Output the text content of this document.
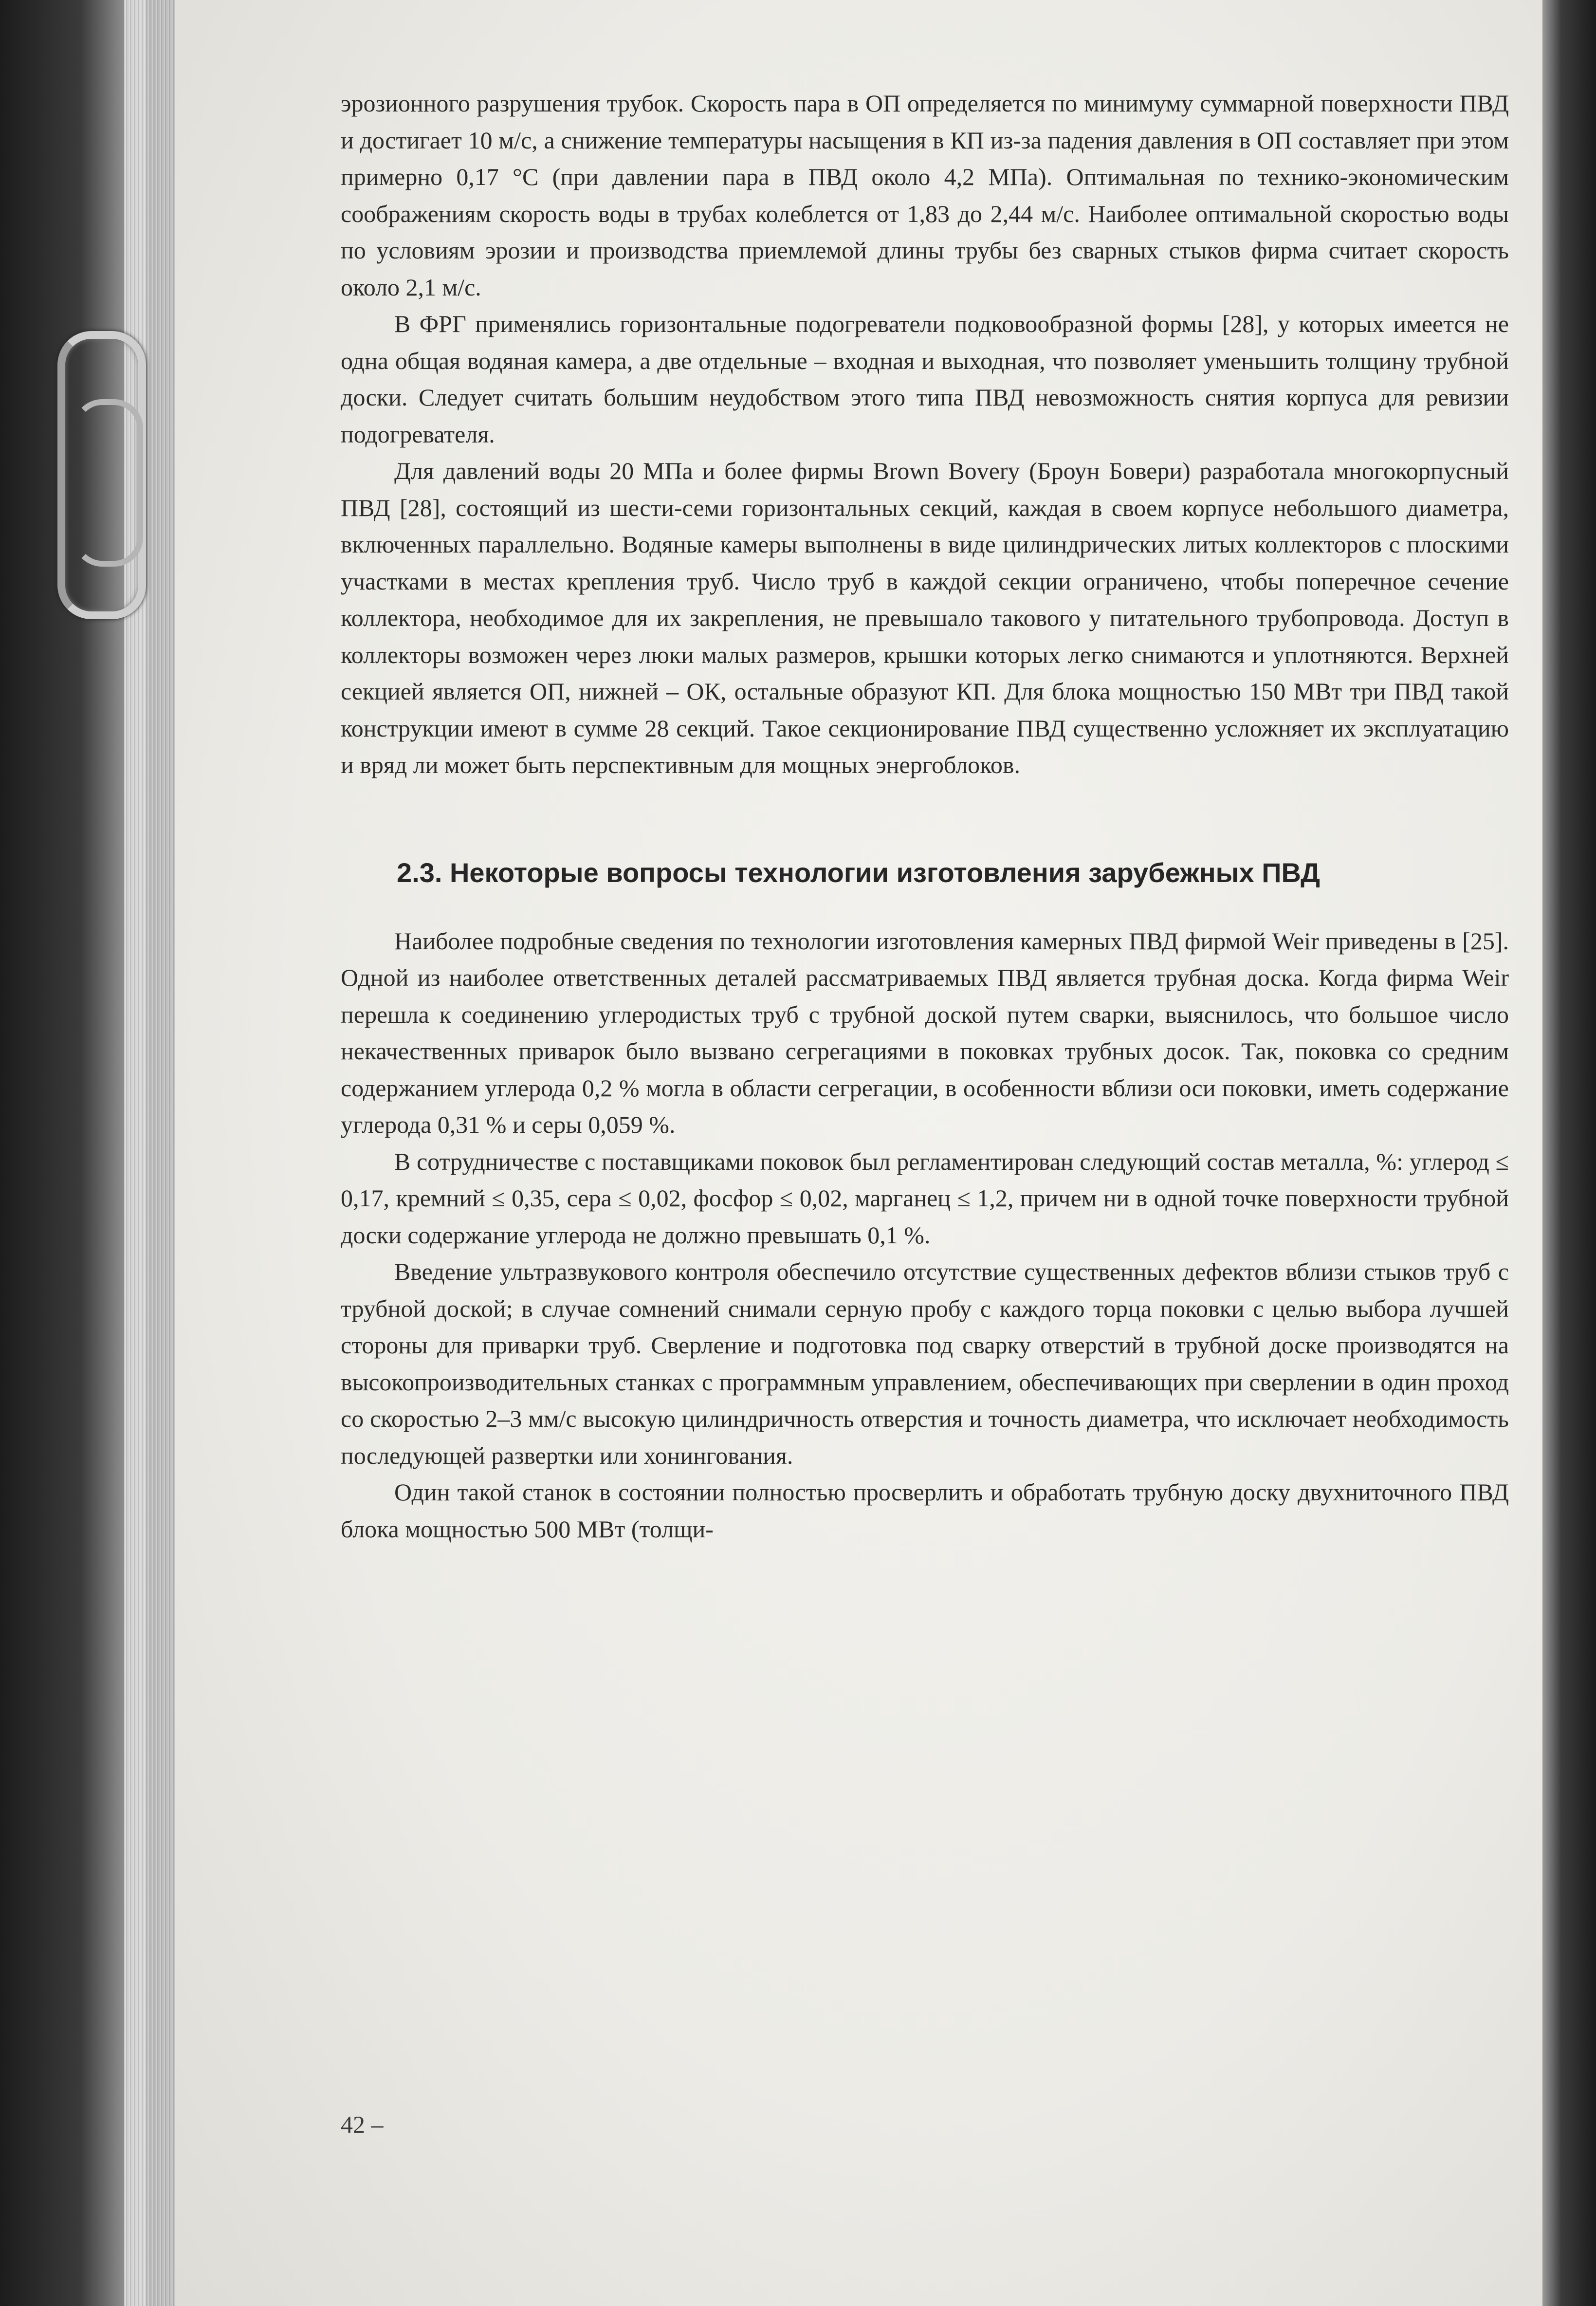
эрозионного разрушения трубок. Скорость пара в ОП определяется по минимуму суммарной поверхности ПВД и достигает 10 м/с, а снижение температуры насыщения в КП из-за падения давления в ОП составляет при этом примерно 0,17 °С (при давлении пара в ПВД около 4,2 МПа). Оптимальная по технико-экономическим соображениям скорость воды в трубах колеблется от 1,83 до 2,44 м/с. Наиболее оптимальной скоростью воды по условиям эрозии и производства приемлемой длины трубы без сварных стыков фирма считает скорость около 2,1 м/с.

В ФРГ применялись горизонтальные подогреватели подковообразной формы [28], у которых имеется не одна общая водяная камера, а две отдельные – входная и выходная, что позволяет уменьшить толщину трубной доски. Следует считать большим неудобством этого типа ПВД невозможность снятия корпуса для ревизии подогревателя.

Для давлений воды 20 МПа и более фирмы Brown Bovery (Броун Бовери) разработала многокорпусный ПВД [28], состоящий из шести-семи горизонтальных секций, каждая в своем корпусе небольшого диаметра, включенных параллельно. Водяные камеры выполнены в виде цилиндрических литых коллекторов с плоскими участками в местах крепления труб. Число труб в каждой секции ограничено, чтобы поперечное сечение коллектора, необходимое для их закрепления, не превышало такового у питательного трубопровода. Доступ в коллекторы возможен через люки малых размеров, крышки которых легко снимаются и уплотняются. Верхней секцией является ОП, нижней – ОК, остальные образуют КП. Для блока мощностью 150 МВт три ПВД такой конструкции имеют в сумме 28 секций. Такое секционирование ПВД существенно усложняет их эксплуатацию и вряд ли может быть перспективным для мощных энергоблоков.

2.3. Некоторые вопросы технологии изготовления зарубежных ПВД

Наиболее подробные сведения по технологии изготовления камерных ПВД фирмой Weir приведены в [25]. Одной из наиболее ответственных деталей рассматриваемых ПВД является трубная доска. Когда фирма Weir перешла к соединению углеродистых труб с трубной доской путем сварки, выяснилось, что большое число некачественных приварок было вызвано сегрегациями в поковках трубных досок. Так, поковка со средним содержанием углерода 0,2 % могла в области сегрегации, в особенности вблизи оси поковки, иметь содержание углерода 0,31 % и серы 0,059 %.

В сотрудничестве с поставщиками поковок был регламентирован следующий состав металла, %: углерод ≤ 0,17, кремний ≤ 0,35, сера ≤ 0,02, фосфор ≤ 0,02, марганец ≤ 1,2, причем ни в одной точке поверхности трубной доски содержание углерода не должно превышать 0,1 %.

Введение ультразвукового контроля обеспечило отсутствие существенных дефектов вблизи стыков труб с трубной доской; в случае сомнений снимали серную пробу с каждого торца поковки с целью выбора лучшей стороны для приварки труб. Сверление и подготовка под сварку отверстий в трубной доске производятся на высокопроизводительных станках с программным управлением, обеспечивающих при сверлении в один проход со скоростью 2–3 мм/с высокую цилиндричность отверстия и точность диаметра, что исключает необходимость последующей развертки или хонингования.

Один такой станок в состоянии полностью просверлить и обработать трубную доску двухниточного ПВД блока мощностью 500 МВт (толщи-

42 –
